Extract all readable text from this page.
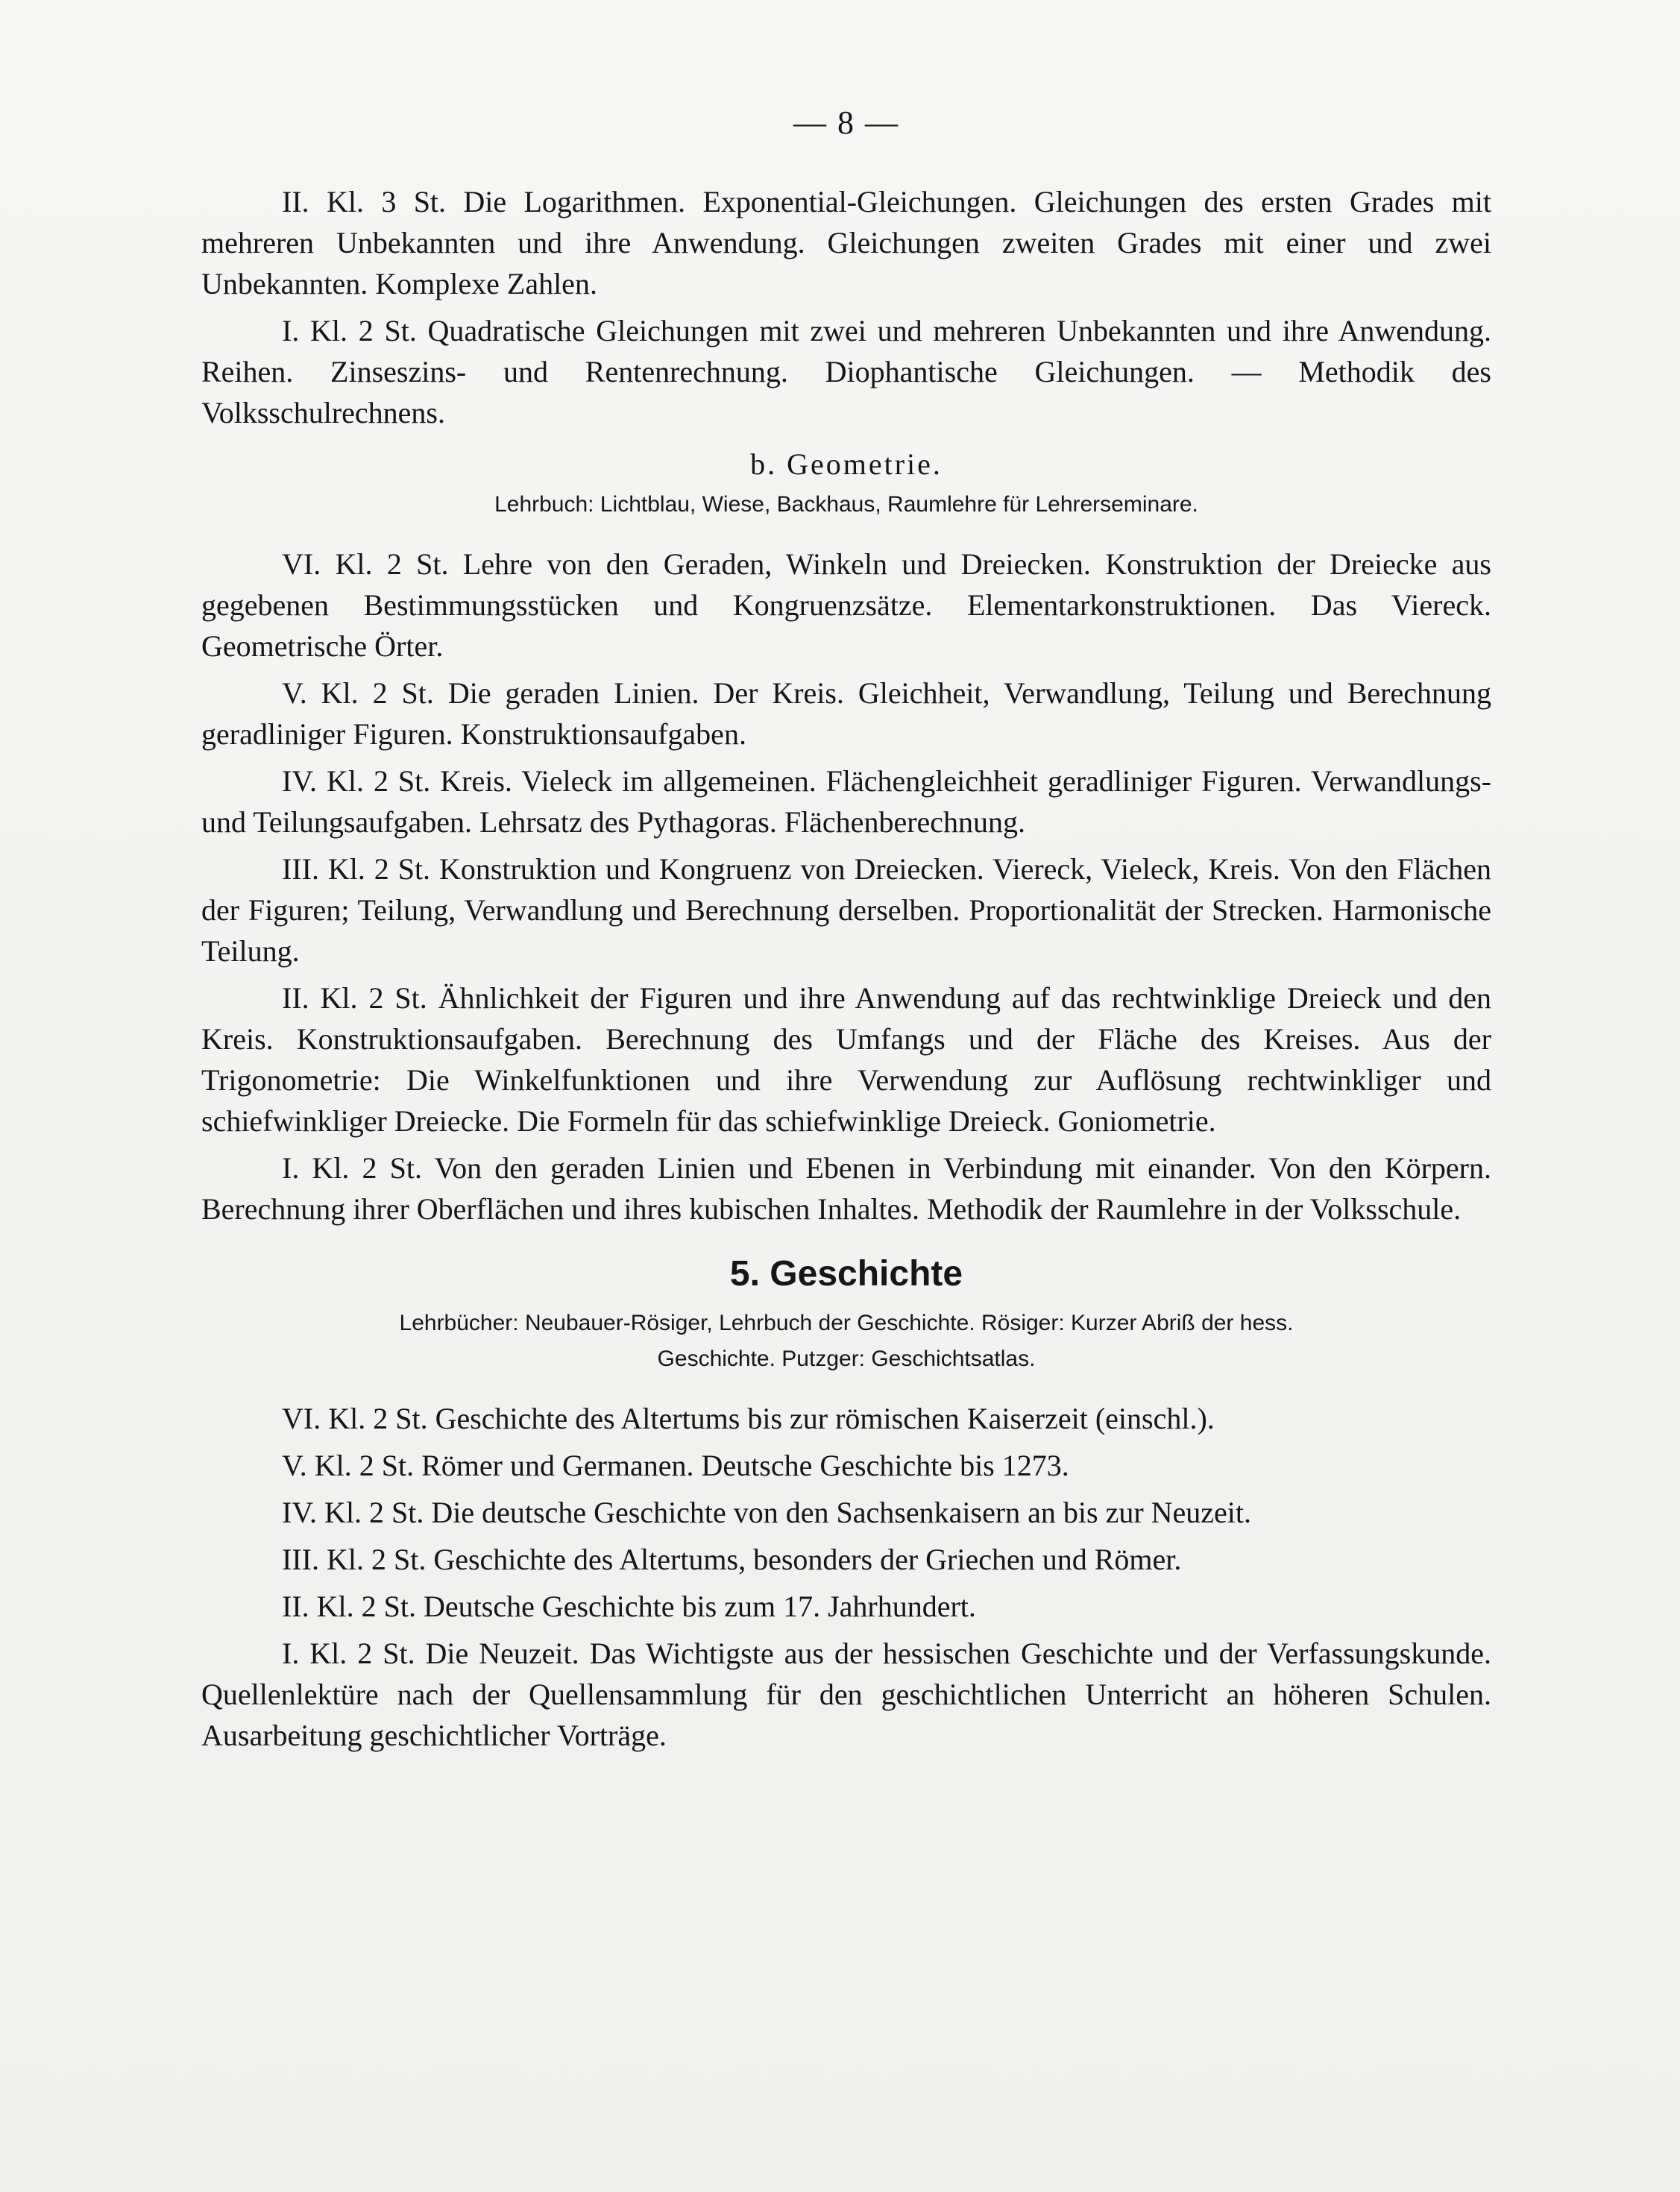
— 8 —

II. Kl. 3 St. Die Logarithmen. Exponential-Gleichungen. Gleichungen des ersten Grades mit mehreren Unbekannten und ihre Anwendung. Gleichungen zweiten Grades mit einer und zwei Unbekannten. Komplexe Zahlen.

I. Kl. 2 St. Quadratische Gleichungen mit zwei und mehreren Unbekannten und ihre Anwendung. Reihen. Zinseszins- und Rentenrechnung. Diophantische Gleichungen. — Methodik des Volksschulrechnens.

b. Geometrie.
Lehrbuch: Lichtblau, Wiese, Backhaus, Raumlehre für Lehrerseminare.

VI. Kl. 2 St. Lehre von den Geraden, Winkeln und Dreiecken. Konstruktion der Dreiecke aus gegebenen Bestimmungsstücken und Kongruenzsätze. Elementarkonstruktionen. Das Viereck. Geometrische Örter.

V. Kl. 2 St. Die geraden Linien. Der Kreis. Gleichheit, Verwandlung, Teilung und Berechnung geradliniger Figuren. Konstruktionsaufgaben.

IV. Kl. 2 St. Kreis. Vieleck im allgemeinen. Flächengleichheit geradliniger Figuren. Verwandlungs- und Teilungsaufgaben. Lehrsatz des Pythagoras. Flächenberechnung.

III. Kl. 2 St. Konstruktion und Kongruenz von Dreiecken. Viereck, Vieleck, Kreis. Von den Flächen der Figuren; Teilung, Verwandlung und Berechnung derselben. Proportionalität der Strecken. Harmonische Teilung.

II. Kl. 2 St. Ähnlichkeit der Figuren und ihre Anwendung auf das rechtwinklige Dreieck und den Kreis. Konstruktionsaufgaben. Berechnung des Umfangs und der Fläche des Kreises. Aus der Trigonometrie: Die Winkelfunktionen und ihre Verwendung zur Auflösung rechtwinkliger und schiefwinkliger Dreiecke. Die Formeln für das schiefwinklige Dreieck. Goniometrie.

I. Kl. 2 St. Von den geraden Linien und Ebenen in Verbindung mit einander. Von den Körpern. Berechnung ihrer Oberflächen und ihres kubischen Inhaltes. Methodik der Raumlehre in der Volksschule.

5. Geschichte
Lehrbücher: Neubauer-Rösiger, Lehrbuch der Geschichte. Rösiger: Kurzer Abriß der hess.
Geschichte. Putzger: Geschichtsatlas.

VI. Kl. 2 St. Geschichte des Altertums bis zur römischen Kaiserzeit (einschl.).

V. Kl. 2 St. Römer und Germanen. Deutsche Geschichte bis 1273.

IV. Kl. 2 St. Die deutsche Geschichte von den Sachsenkaisern an bis zur Neuzeit.

III. Kl. 2 St. Geschichte des Altertums, besonders der Griechen und Römer.

II. Kl. 2 St. Deutsche Geschichte bis zum 17. Jahrhundert.

I. Kl. 2 St. Die Neuzeit. Das Wichtigste aus der hessischen Geschichte und der Verfassungskunde. Quellenlektüre nach der Quellensammlung für den geschichtlichen Unterricht an höheren Schulen. Ausarbeitung geschichtlicher Vorträge.
